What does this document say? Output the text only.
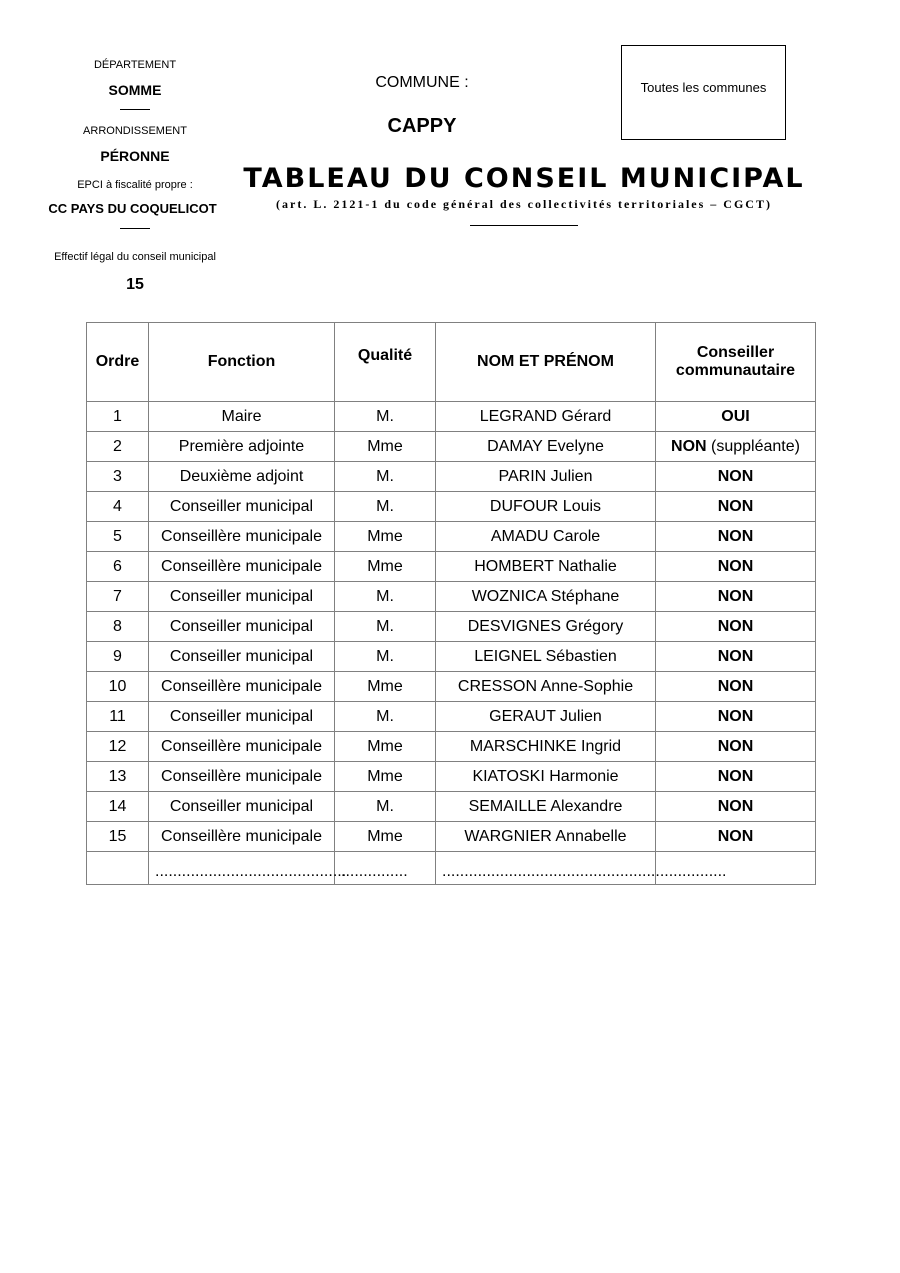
DÉPARTEMENT
SOMME
ARRONDISSEMENT
PÉRONNE
EPCI à fiscalité propre :
CC PAYS DU COQUELICOT
Effectif légal du conseil municipal
15
COMMUNE :
CAPPY
Toutes les communes
TABLEAU DU CONSEIL MUNICIPAL
(art. L. 2121-1 du code général des collectivités territoriales – CGCT)
Ordre	Fonction	Qualité	NOM ET PRÉNOM	Conseiller
communautaire
1	Maire	M.	LEGRAND Gérard	OUI
2	Première adjointe	Mme	DAMAY Evelyne	NON (suppléante)
3	Deuxième adjoint	M.	PARIN Julien	NON
4	Conseiller municipal	M.	DUFOUR Louis	NON
5	Conseillère municipale	Mme	AMADU Carole	NON
6	Conseillère municipale	Mme	HOMBERT Nathalie	NON
7	Conseiller municipal	M.	WOZNICA Stéphane	NON
8	Conseiller municipal	M.	DESVIGNES Grégory	NON
9	Conseiller municipal	M.	LEIGNEL Sébastien	NON
10	Conseillère municipale	Mme	CRESSON Anne-Sophie	NON
11	Conseiller municipal	M.	GERAUT Julien	NON
12	Conseillère municipale	Mme	MARSCHINKE Ingrid	NON
13	Conseillère municipale	Mme	KIATOSKI Harmonie	NON
14	Conseiller municipal	M.	SEMAILLE Alexandre	NON
15	Conseillère municipale	Mme	WARGNIER Annabelle	NON
	...........................................	...............	................................................................	
